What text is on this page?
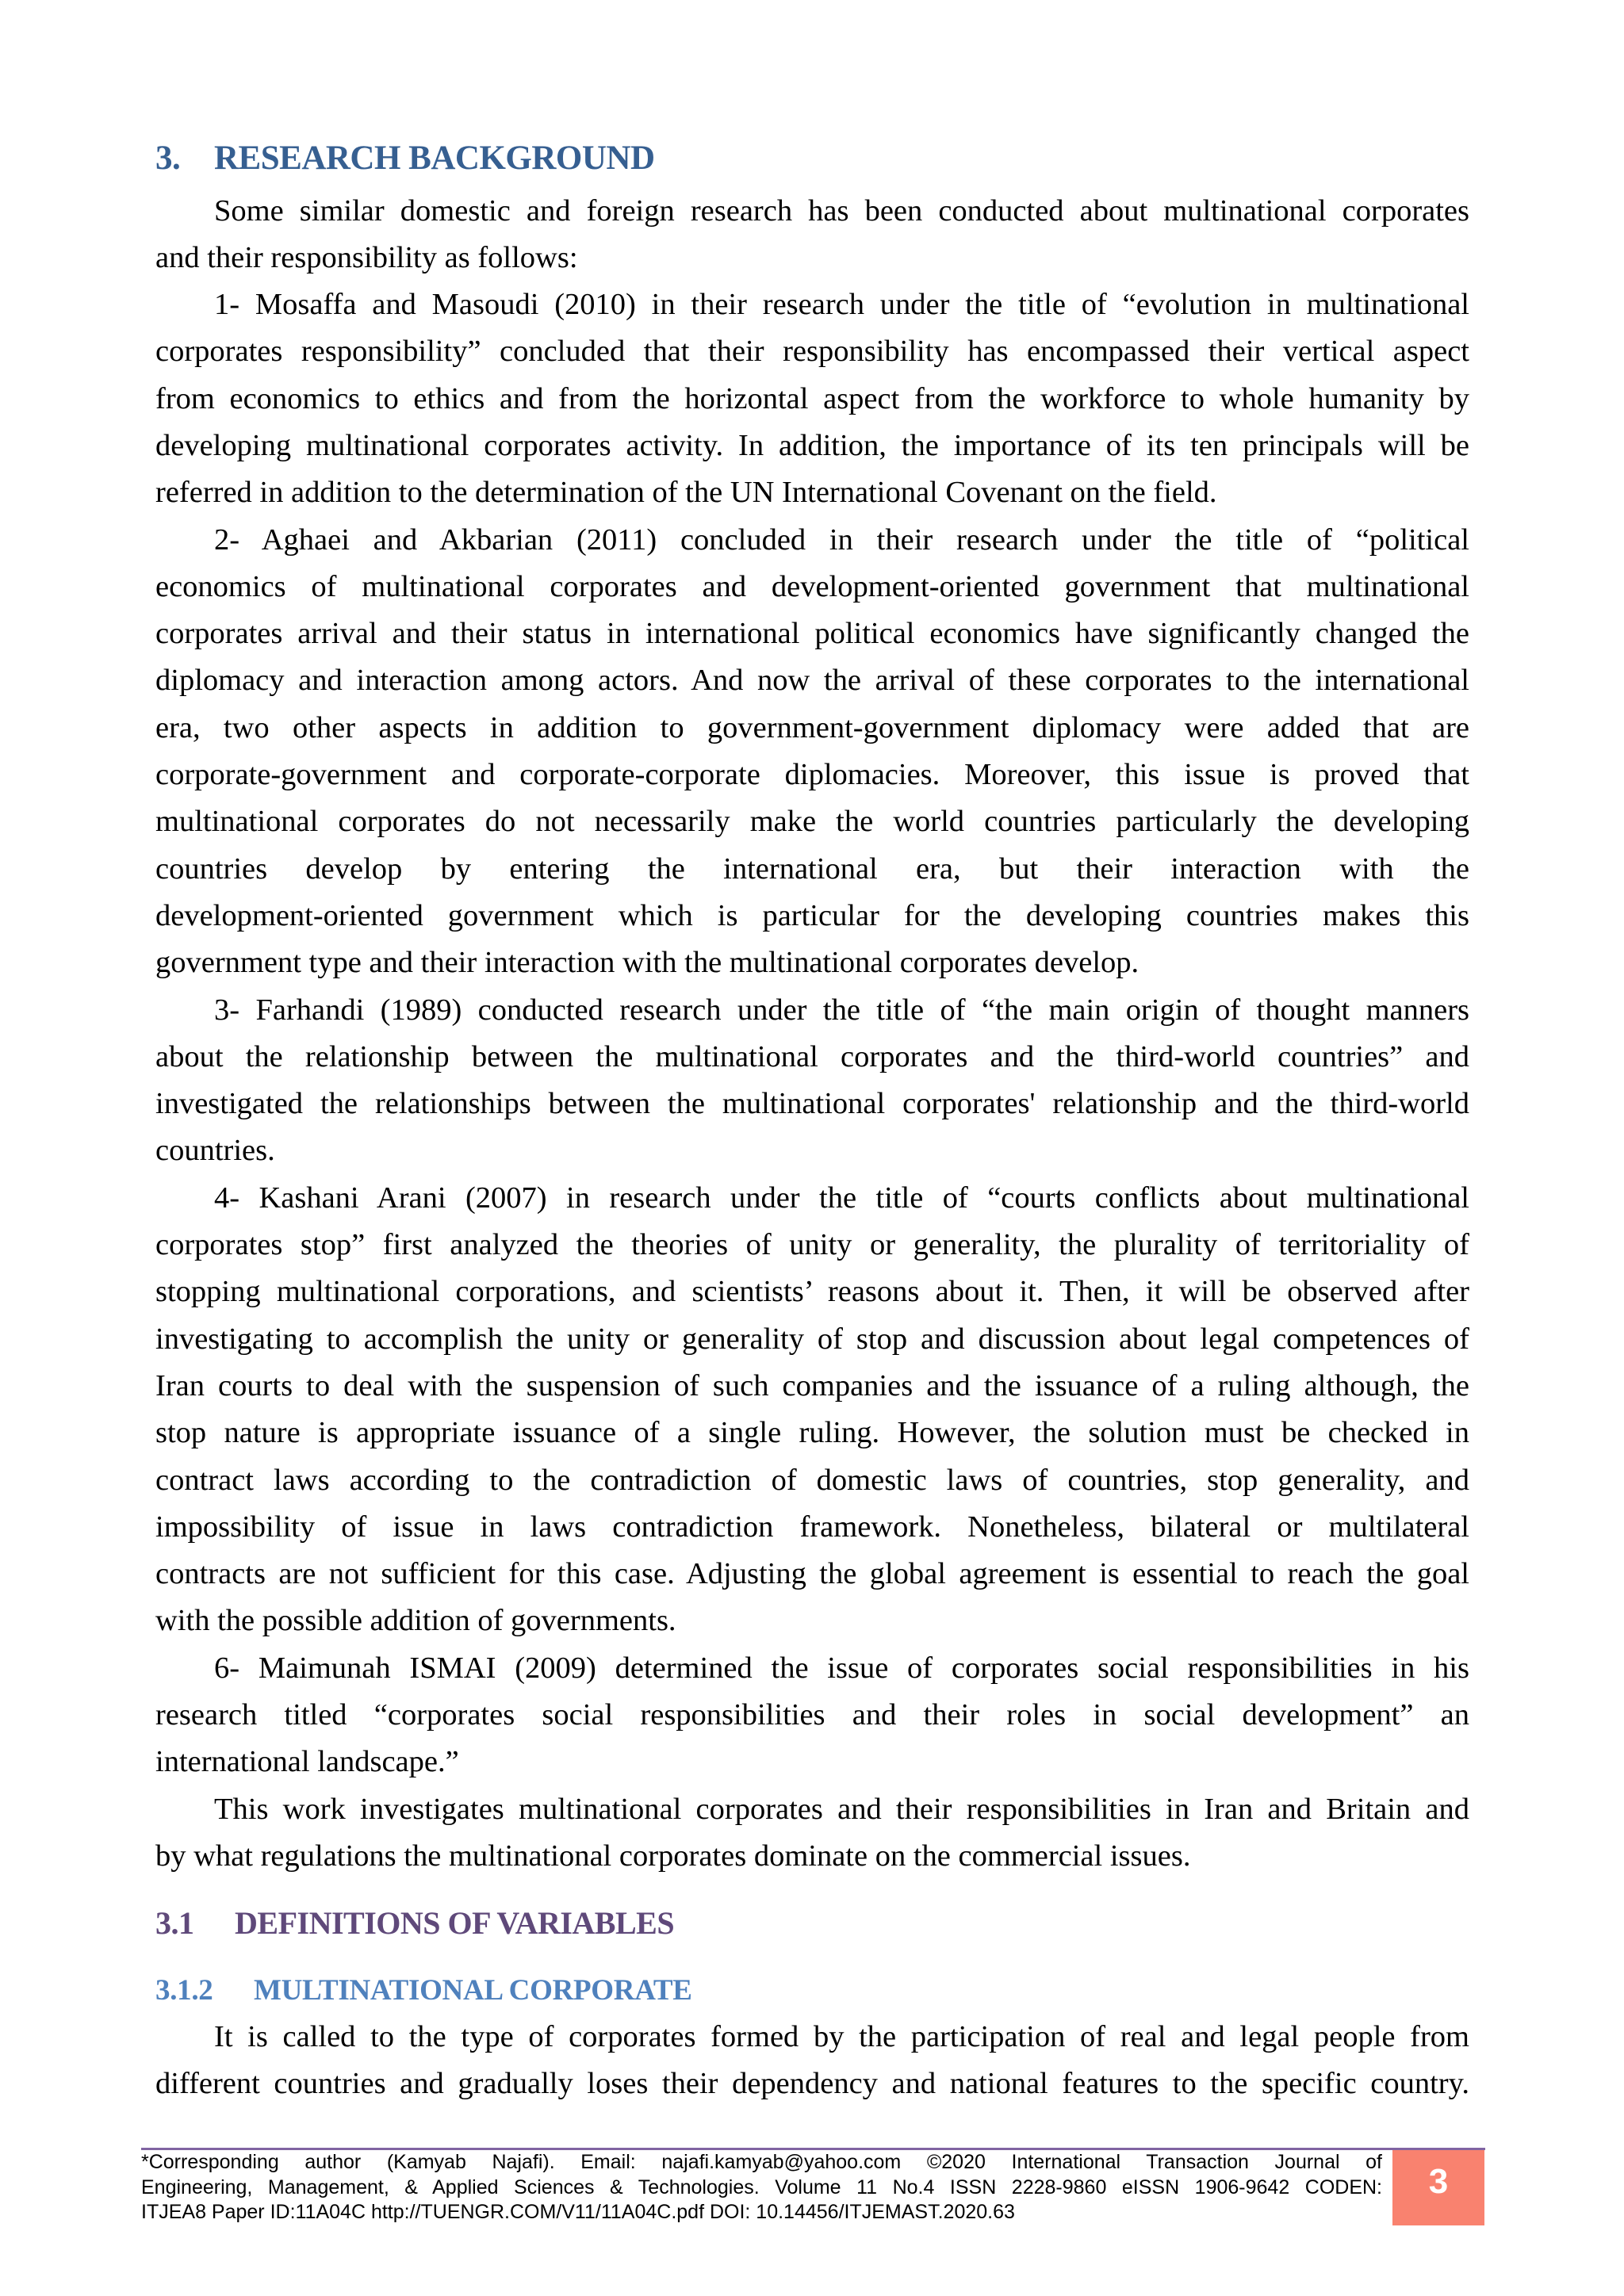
3. RESEARCH BACKGROUND
Some similar domestic and foreign research has been conducted about multinational corporates
and their responsibility as follows:
1- Mosaffa and Masoudi (2010) in their research under the title of “evolution in multinational
corporates responsibility” concluded that their responsibility has encompassed their vertical aspect
from economics to ethics and from the horizontal aspect from the workforce to whole humanity by
developing multinational corporates activity. In addition, the importance of its ten principals will be
referred in addition to the determination of the UN International Covenant on the field.
2- Aghaei and Akbarian (2011) concluded in their research under the title of “political
economics of multinational corporates and development-oriented government that multinational
corporates arrival and their status in international political economics have significantly changed the
diplomacy and interaction among actors. And now the arrival of these corporates to the international
era, two other aspects in addition to government-government diplomacy were added that are
corporate-government and corporate-corporate diplomacies. Moreover, this issue is proved that
multinational corporates do not necessarily make the world countries particularly the developing
countries develop by entering the international era, but their interaction with the
development-oriented government which is particular for the developing countries makes this
government type and their interaction with the multinational corporates develop.
3- Farhandi (1989) conducted research under the title of “the main origin of thought manners
about the relationship between the multinational corporates and the third-world countries” and
investigated the relationships between the multinational corporates' relationship and the third-world
countries.
4- Kashani Arani (2007) in research under the title of “courts conflicts about multinational
corporates stop” first analyzed the theories of unity or generality, the plurality of territoriality of
stopping multinational corporations, and scientists’ reasons about it. Then, it will be observed after
investigating to accomplish the unity or generality of stop and discussion about legal competences of
Iran courts to deal with the suspension of such companies and the issuance of a ruling although, the
stop nature is appropriate issuance of a single ruling. However, the solution must be checked in
contract laws according to the contradiction of domestic laws of countries, stop generality, and
impossibility of issue in laws contradiction framework. Nonetheless, bilateral or multilateral
contracts are not sufficient for this case. Adjusting the global agreement is essential to reach the goal
with the possible addition of governments.
6- Maimunah ISMAI (2009) determined the issue of corporates social responsibilities in his
research titled “corporates social responsibilities and their roles in social development” an
international landscape.”
This work investigates multinational corporates and their responsibilities in Iran and Britain and
by what regulations the multinational corporates dominate on the commercial issues.
3.1 DEFINITIONS OF VARIABLES
3.1.2 MULTINATIONAL CORPORATE
It is called to the type of corporates formed by the participation of real and legal people from
different countries and gradually loses their dependency and national features to the specific country.
*Corresponding author (Kamyab Najafi). Email: najafi.kamyab@yahoo.com ©2020 International Transaction Journal of
Engineering, Management, & Applied Sciences & Technologies. Volume 11 No.4 ISSN 2228-9860 eISSN 1906-9642 CODEN:
ITJEA8 Paper ID:11A04C http://TUENGR.COM/V11/11A04C.pdf DOI: 10.14456/ITJEMAST.2020.63
3
